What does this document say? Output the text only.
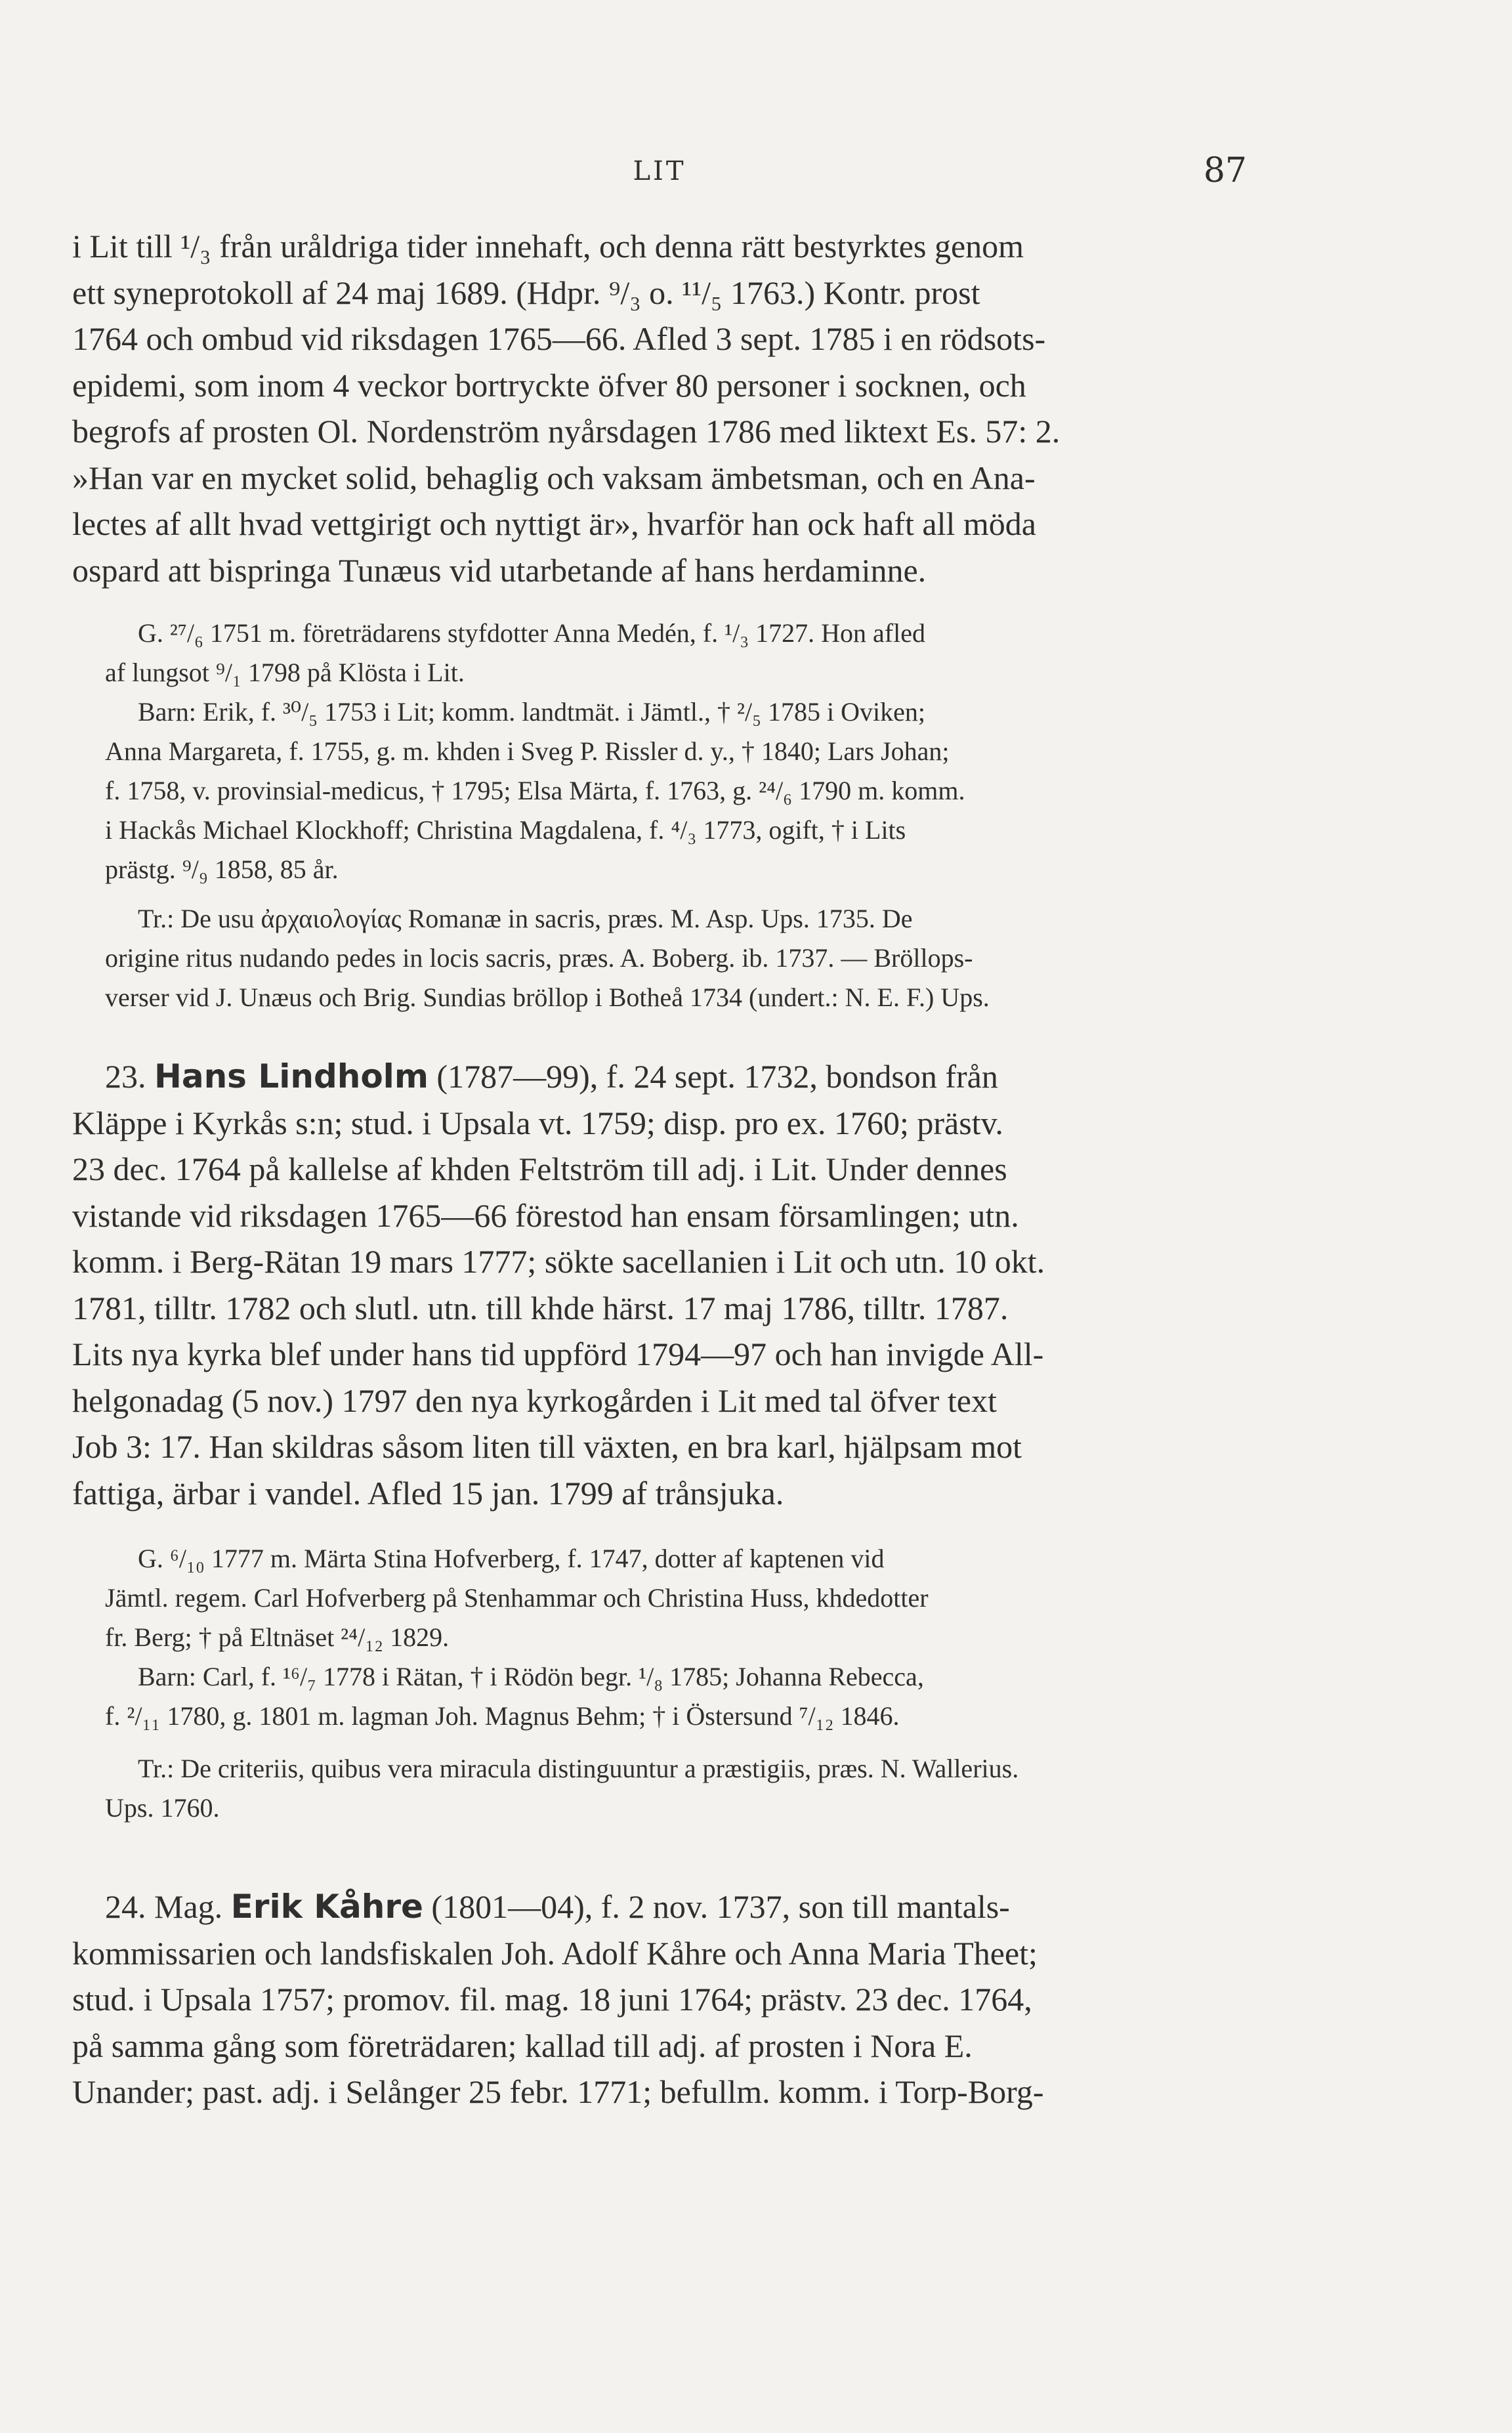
LIT	87
i Lit till ¹/₃ från uråldriga tider innehaft, och denna rätt bestyrktes genom
ett syneprotokoll af 24 maj 1689. (Hdpr. ⁹/₃ o. ¹¹/₅ 1763.) Kontr. prost
1764 och ombud vid riksdagen 1765—66. Afled 3 sept. 1785 i en rödsots-
epidemi, som inom 4 veckor bortryckte öfver 80 personer i socknen, och
begrofs af prosten Ol. Nordenström nyårsdagen 1786 med liktext Es. 57: 2.
»Han var en mycket solid, behaglig och vaksam ämbetsman, och en Ana-
lectes af allt hvad vettgirigt och nyttigt är», hvarför han ock haft all möda
ospard att bispringa Tunæus vid utarbetande af hans herdaminne.
G. ²⁷/₆ 1751 m. företrädarens styfdotter Anna Medén, f. ¹/₃ 1727. Hon afled
af lungsot ⁹/₁ 1798 på Klösta i Lit.
Barn: Erik, f. ³⁰/₅ 1753 i Lit; komm. landtmät. i Jämtl., † ²/₅ 1785 i Oviken;
Anna Margareta, f. 1755, g. m. khden i Sveg P. Rissler d. y., † 1840; Lars Johan;
f. 1758, v. provinsial-medicus, † 1795; Elsa Märta, f. 1763, g. ²⁴/₆ 1790 m. komm.
i Hackås Michael Klockhoff; Christina Magdalena, f. ⁴/₃ 1773, ogift, † i Lits
prästg. ⁹/₉ 1858, 85 år.
Tr.: De usu ἀρχαιολογίας Romanæ in sacris, præs. M. Asp. Ups. 1735. De
origine ritus nudando pedes in locis sacris, præs. A. Boberg. ib. 1737. — Bröllops-
verser vid J. Unæus och Brig. Sundias bröllop i Botheå 1734 (undert.: N. E. F.) Ups.
23. Hans Lindholm (1787—99), f. 24 sept. 1732, bondson från
Kläppe i Kyrkås s:n; stud. i Upsala vt. 1759; disp. pro ex. 1760; prästv.
23 dec. 1764 på kallelse af khden Feltström till adj. i Lit. Under dennes
vistande vid riksdagen 1765—66 förestod han ensam församlingen; utn.
komm. i Berg-Rätan 19 mars 1777; sökte sacellanien i Lit och utn. 10 okt.
1781, tilltr. 1782 och slutl. utn. till khde härst. 17 maj 1786, tilltr. 1787.
Lits nya kyrka blef under hans tid uppförd 1794—97 och han invigde All-
helgonadag (5 nov.) 1797 den nya kyrkogården i Lit med tal öfver text
Job 3: 17. Han skildras såsom liten till växten, en bra karl, hjälpsam mot
fattiga, ärbar i vandel. Afled 15 jan. 1799 af trånsjuka.
G. ⁶/₁₀ 1777 m. Märta Stina Hofverberg, f. 1747, dotter af kaptenen vid
Jämtl. regem. Carl Hofverberg på Stenhammar och Christina Huss, khdedotter
fr. Berg; † på Eltnäset ²⁴/₁₂ 1829.
Barn: Carl, f. ¹⁶/₇ 1778 i Rätan, † i Rödön begr. ¹/₈ 1785; Johanna Rebecca,
f. ²/₁₁ 1780, g. 1801 m. lagman Joh. Magnus Behm; † i Östersund ⁷/₁₂ 1846.
Tr.: De criteriis, quibus vera miracula distinguuntur a præstigiis, præs. N. Wallerius.
Ups. 1760.
24. Mag. Erik Kåhre (1801—04), f. 2 nov. 1737, son till mantals-
kommissarien och landsfiskalen Joh. Adolf Kåhre och Anna Maria Theet;
stud. i Upsala 1757; promov. fil. mag. 18 juni 1764; prästv. 23 dec. 1764,
på samma gång som företrädaren; kallad till adj. af prosten i Nora E.
Unander; past. adj. i Selånger 25 febr. 1771; befullm. komm. i Torp-Borg-
